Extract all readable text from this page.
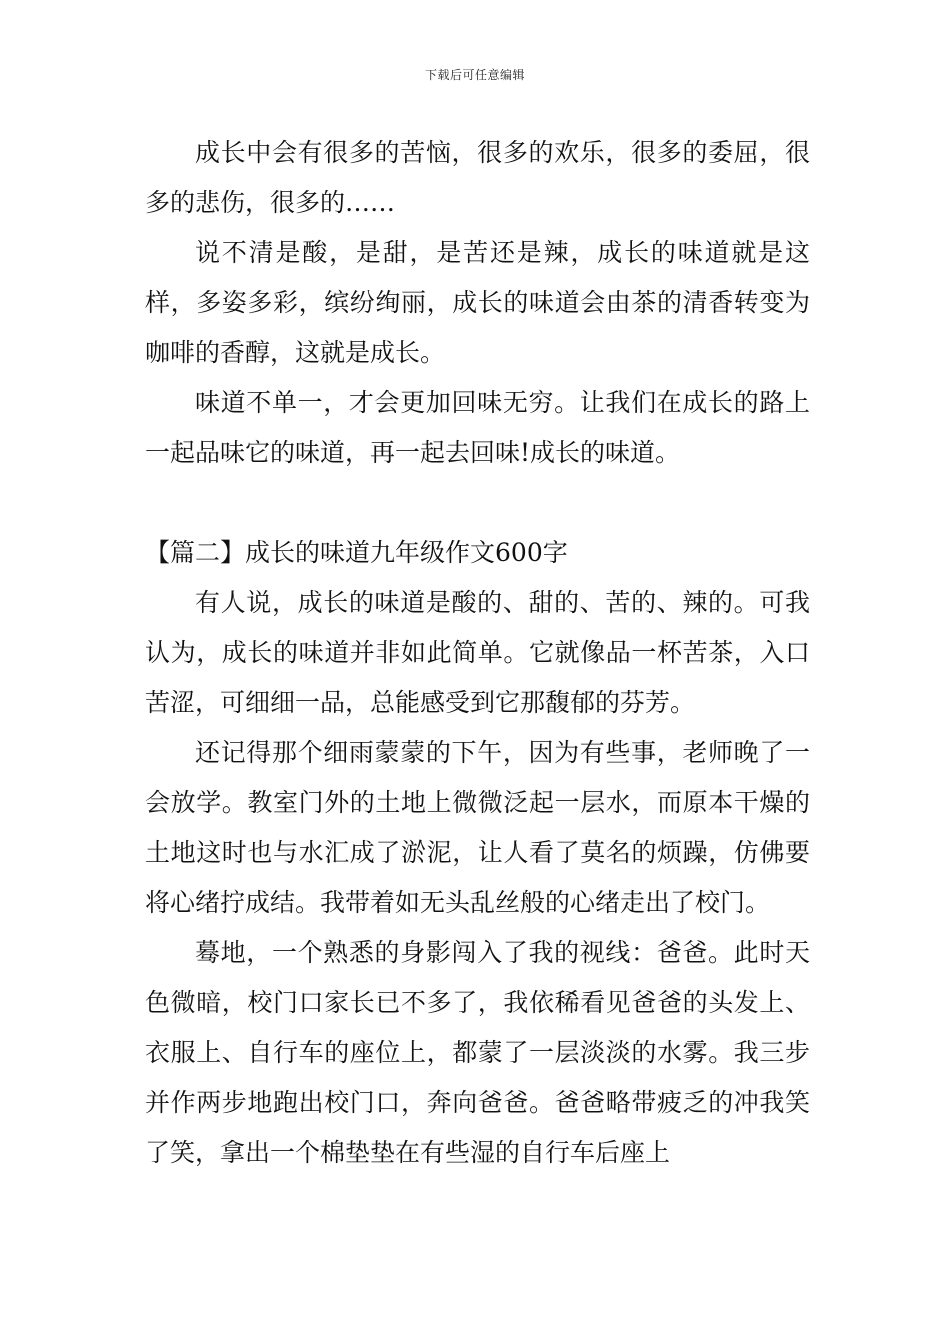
下载后可任意编辑

成长中会有很多的苦恼，很多的欢乐，很多的委屈，很多的悲伤，很多的……

说不清是酸，是甜，是苦还是辣，成长的味道就是这样，多姿多彩，缤纷绚丽，成长的味道会由茶的清香转变为咖啡的香醇，这就是成长。

味道不单一，才会更加回味无穷。让我们在成长的路上一起品味它的味道，再一起去回味!成长的味道。

【篇二】成长的味道九年级作文600字

有人说，成长的味道是酸的、甜的、苦的、辣的。可我认为，成长的味道并非如此简单。它就像品一杯苦茶，入口苦涩，可细细一品，总能感受到它那馥郁的芬芳。

还记得那个细雨蒙蒙的下午，因为有些事，老师晚了一会放学。教室门外的土地上微微泛起一层水，而原本干燥的土地这时也与水汇成了淤泥，让人看了莫名的烦躁，仿佛要将心绪拧成结。我带着如无头乱丝般的心绪走出了校门。

蓦地，一个熟悉的身影闯入了我的视线：爸爸。此时天色微暗，校门口家长已不多了，我依稀看见爸爸的头发上、衣服上、自行车的座位上，都蒙了一层淡淡的水雾。我三步并作两步地跑出校门口，奔向爸爸。爸爸略带疲乏的冲我笑了笑，拿出一个棉垫垫在有些湿的自行车后座上
